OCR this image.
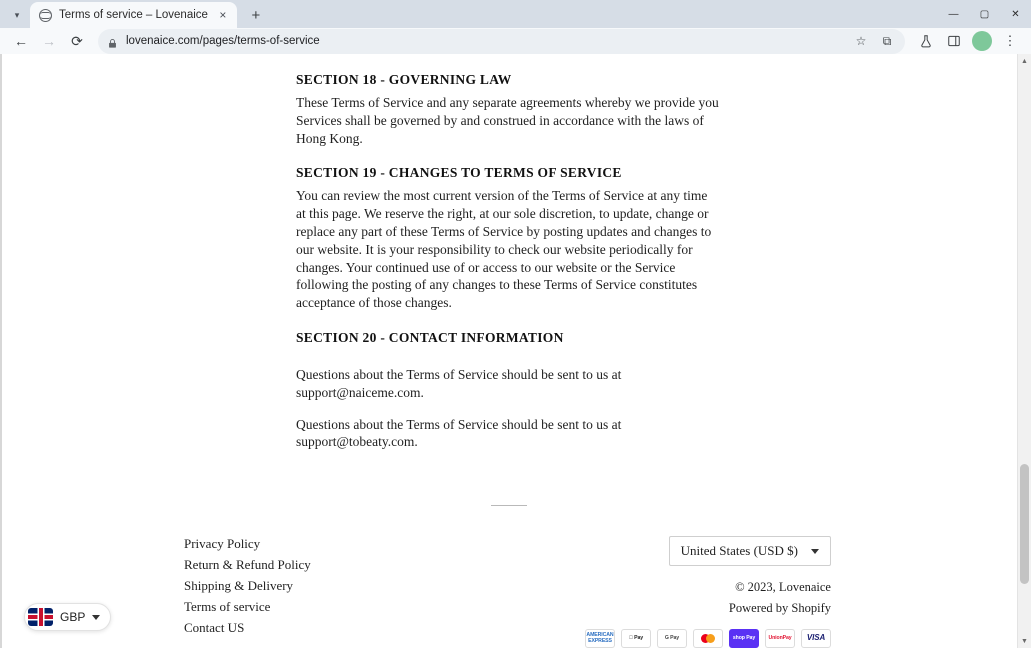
▾	Terms of service – Lovenaice ×	+	—	▢	✕
←	→	⟳	lovenaice.com/pages/terms-of-service	☆	⧉	⋮
SECTION 18 - GOVERNING LAW

These Terms of Service and any separate agreements whereby we provide you Services shall be governed by and construed in accordance with the laws of Hong Kong.

SECTION 19 - CHANGES TO TERMS OF SERVICE

You can review the most current version of the Terms of Service at any time at this page. We reserve the right, at our sole discretion, to update, change or replace any part of these Terms of Service by posting updates and changes to our website. It is your responsibility to check our website periodically for changes. Your continued use of or access to our website or the Service following the posting of any changes to these Terms of Service constitutes acceptance of those changes.

SECTION 20 - CONTACT INFORMATION

Questions about the Terms of Service should be sent to us at support@naiceme.com.

Questions about the Terms of Service should be sent to us at support@tobeaty.com.

Privacy Policy
Return & Refund Policy
Shipping & Delivery
Terms of service
Contact US
United States (USD $)
© 2023, Lovenaice
Powered by Shopify
AMERICAN
EXPRESS	Pay	G Pay	shop Pay	UnionPay	VISA
GBP
▲
▼
